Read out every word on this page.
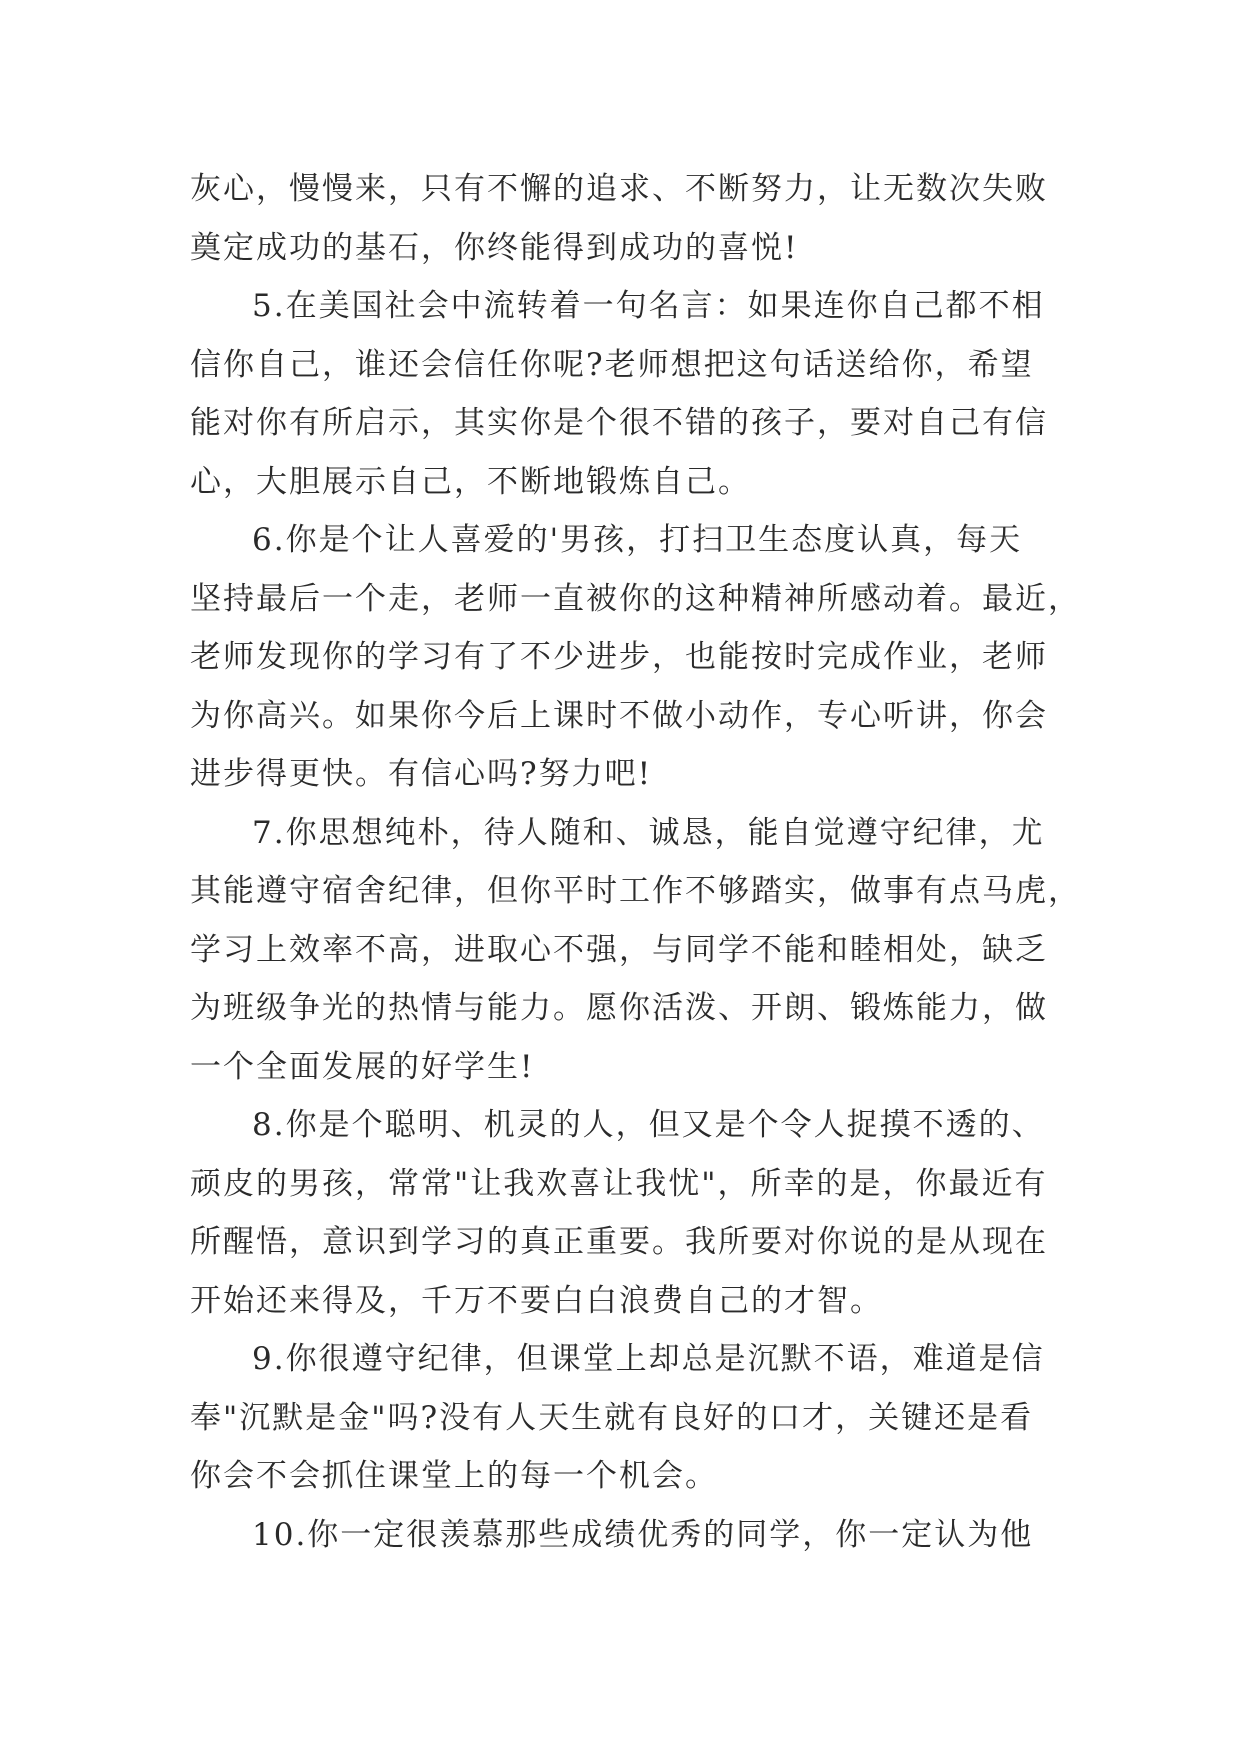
灰心，慢慢来，只有不懈的追求、不断努力，让无数次失败

奠定成功的基石，你终能得到成功的喜悦!

5.在美国社会中流转着一句名言：如果连你自己都不相

信你自己，谁还会信任你呢?老师想把这句话送给你，希望

能对你有所启示，其实你是个很不错的孩子，要对自己有信

心，大胆展示自己，不断地锻炼自己。

6.你是个让人喜爱的'男孩，打扫卫生态度认真，每天

坚持最后一个走，老师一直被你的这种精神所感动着。最近，

老师发现你的学习有了不少进步，也能按时完成作业，老师

为你高兴。如果你今后上课时不做小动作，专心听讲，你会

进步得更快。有信心吗?努力吧!

7.你思想纯朴，待人随和、诚恳，能自觉遵守纪律，尤

其能遵守宿舍纪律，但你平时工作不够踏实，做事有点马虎，

学习上效率不高，进取心不强，与同学不能和睦相处，缺乏

为班级争光的热情与能力。愿你活泼、开朗、锻炼能力，做

一个全面发展的好学生!

8.你是个聪明、机灵的人，但又是个令人捉摸不透的、

顽皮的男孩，常常"让我欢喜让我忧"，所幸的是，你最近有

所醒悟，意识到学习的真正重要。我所要对你说的是从现在

开始还来得及，千万不要白白浪费自己的才智。

9.你很遵守纪律，但课堂上却总是沉默不语，难道是信

奉"沉默是金"吗?没有人天生就有良好的口才，关键还是看

你会不会抓住课堂上的每一个机会。

10.你一定很羡慕那些成绩优秀的同学，你一定认为他
